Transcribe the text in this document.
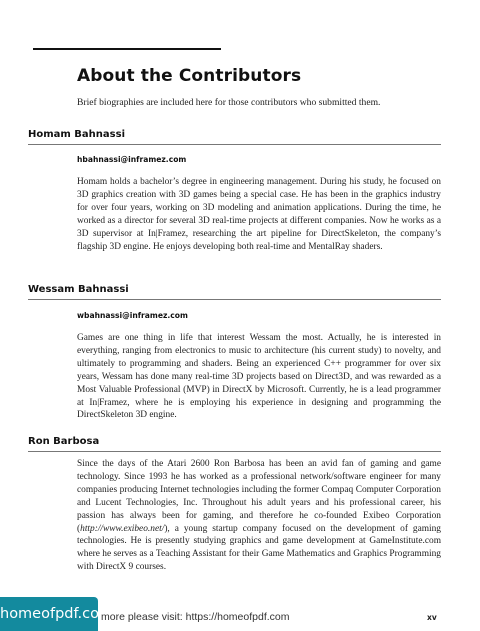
About the Contributors
Brief biographies are included here for those contributors who submitted them.
Homam Bahnassi
hbahnassi@inframez.com

Homam holds a bachelor’s degree in engineering management. During his study, he focused on 3D graphics creation with 3D games being a special case. He has been in the graphics industry for over four years, working on 3D modeling and animation applications. During the time, he worked as a director for several 3D real-time projects at different companies. Now he works as a 3D supervisor at In|Framez, researching the art pipeline for DirectSkeleton, the company’s flagship 3D engine. He enjoys developing both real-time and MentalRay shaders.

Wessam Bahnassi
wbahnassi@inframez.com

Games are one thing in life that interest Wessam the most. Actually, he is interested in everything, ranging from electronics to music to architecture (his current study) to novelty, and ultimately to programming and shaders. Being an experienced C++ programmer for over six years, Wessam has done many real-time 3D projects based on Direct3D, and was rewarded as a Most Valuable Professional (MVP) in DirectX by Microsoft. Currently, he is a lead programmer at In|Framez, where he is employing his experience in designing and programming the DirectSkeleton 3D engine.

Ron Barbosa

Since the days of the Atari 2600 Ron Barbosa has been an avid fan of gaming and game technology. Since 1993 he has worked as a professional network/software engineer for many companies producing Internet technologies including the former Compaq Computer Corporation and Lucent Technologies, Inc. Throughout his adult years and his professional career, his passion has always been for gaming, and therefore he co-founded Exibeo Corporation (http://www.exibeo.net/), a young startup company focused on the development of gaming technologies. He is presently studying graphics and game development at GameInstitute.com where he serves as a Teaching Assistant for their Game Mathematics and Graphics Programming with DirectX 9 courses.

homeofpdf.com
more please visit: https://homeofpdf.com	xv
